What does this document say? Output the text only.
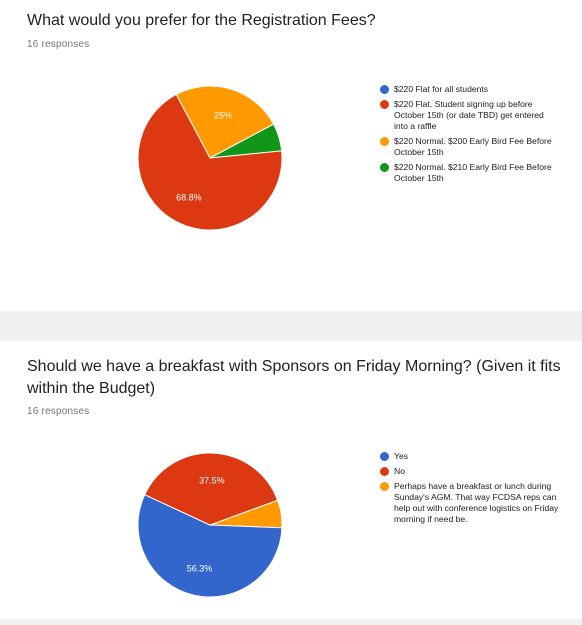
What would you prefer for the Registration Fees?
16 responses
25%
68.8%
$220 Flat for all students
$220 Flat. Student signing up before October 15th (or date TBD) get entered into a raffle
$220 Normal. $200 Early Bird Fee Before October 15th
$220 Normal. $210 Early Bird Fee Before October 15th
Should we have a breakfast with Sponsors on Friday Morning? (Given it fits within the Budget)
16 responses
56.3%
37.5%
Yes
No
Perhaps have a breakfast or lunch during Sunday's AGM. That way FCDSA reps can help out with conference logistics on Friday morning if need be.
